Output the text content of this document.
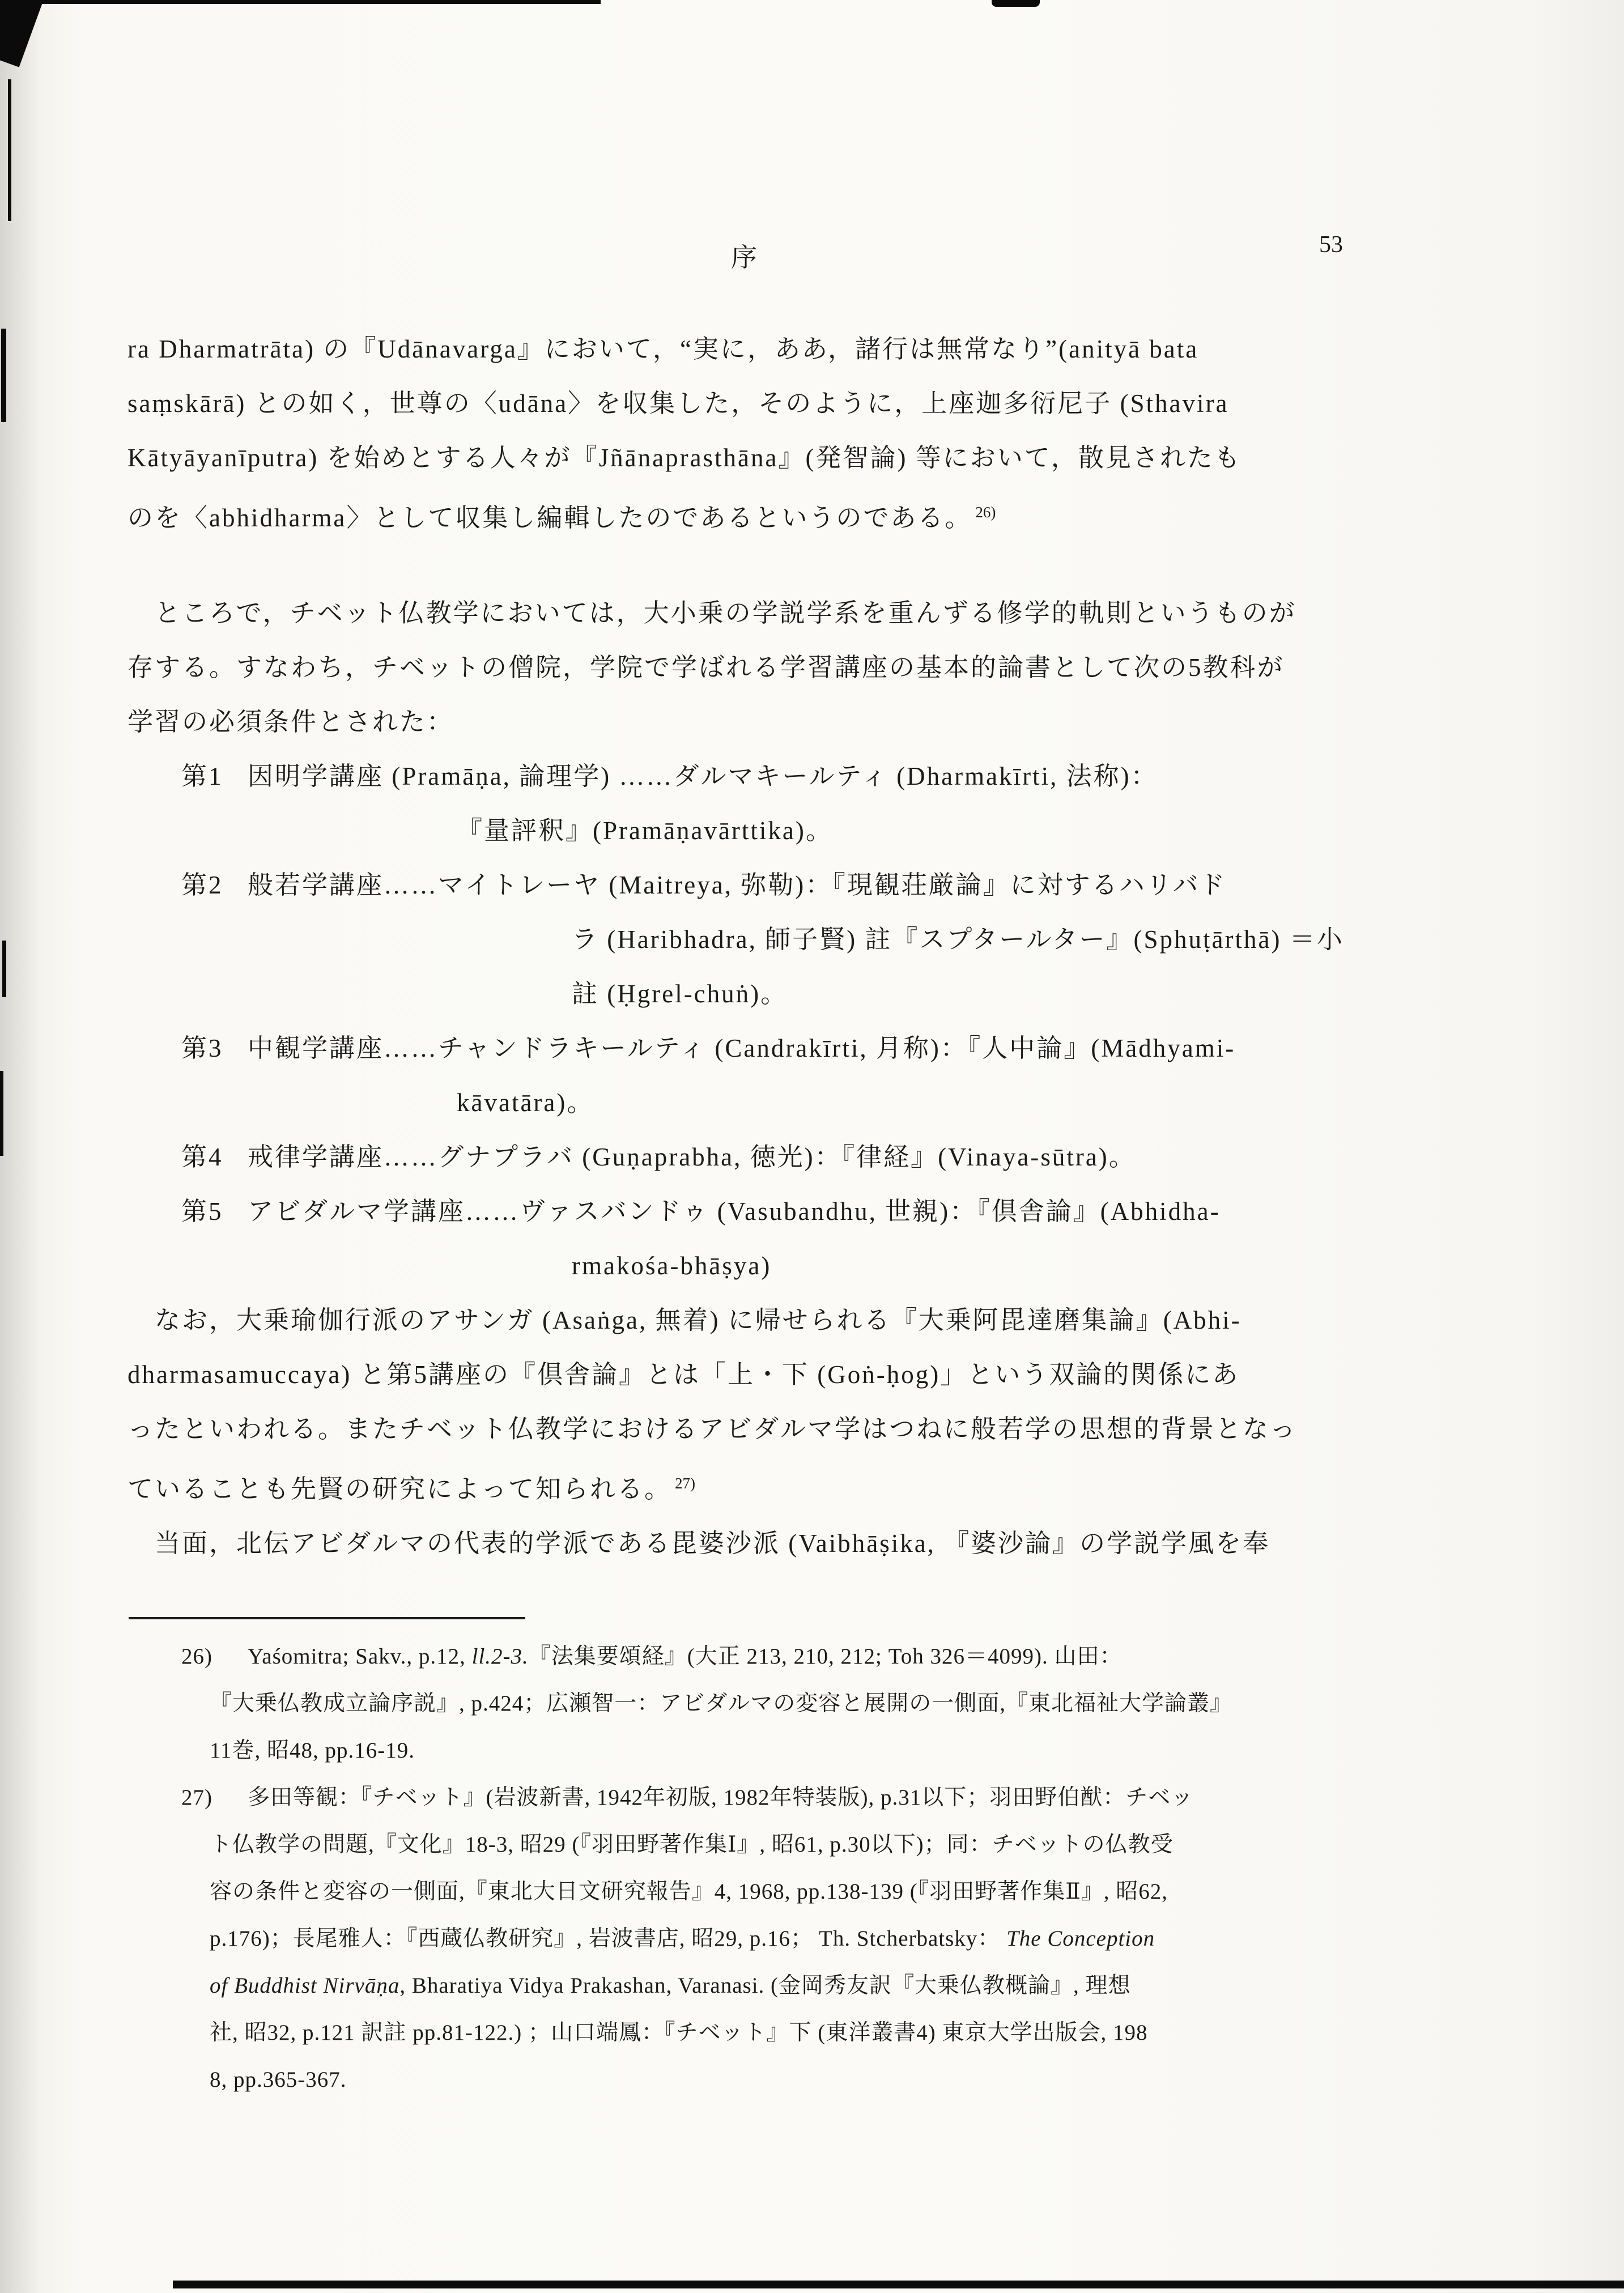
序	53
ra Dharmatrāta) の『Udānavarga』において，“実に，ああ，諸行は無常なり”(anityā bata
saṃskārā) との如く，世尊の〈udāna〉を収集した，そのように，上座迦多衍尼子 (Sthavira
Kātyāyanīputra) を始めとする人々が『Jñānaprasthāna』(発智論) 等において，散見されたも
のを〈abhidharma〉として収集し編輯したのであるというのである。 $^{26)}$
　ところで，チベット仏教学においては，大小乗の学説学系を重んずる修学的軌則というものが
存する。すなわち，チベットの僧院，学院で学ばれる学習講座の基本的論書として次の5教科が
学習の必須条件とされた：
第1 因明学講座 (Pramāṇa, 論理学) ……ダルマキールティ (Dharmakīrti, 法称)：
『量評釈』(Pramāṇavārttika)。
第2 般若学講座……マイトレーヤ (Maitreya, 弥勒)：『現観荘厳論』に対するハリバド
ラ (Haribhadra, 師子賢) 註『スプタールター』(Sphuṭārthā) ＝小
註 (Ḥgrel-chuṅ)。
第3 中観学講座……チャンドラキールティ (Candrakīrti, 月称)：『人中論』(Mādhyami-
kāvatāra)。
第4 戒律学講座……グナプラバ (Guṇaprabha, 徳光)：『律経』(Vinaya-sūtra)。
第5 アビダルマ学講座……ヴァスバンドゥ (Vasubandhu, 世親)：『倶舎論』(Abhidha-
rmakośa-bhāṣya)
　なお，大乗瑜伽行派のアサンガ (Asaṅga, 無着) に帰せられる『大乗阿毘達磨集論』(Abhi-
dharmasamuccaya) と第5講座の『倶舎論』とは「上・下 (Goṅ-ḥog)」という双論的関係にあ
ったといわれる。またチベット仏教学におけるアビダルマ学はつねに般若学の思想的背景となっ
ていることも先賢の研究によって知られる。 $^{27)}$
　当面，北伝アビダルマの代表的学派である毘婆沙派 (Vaibhāṣika, 『婆沙論』の学説学風を奉
26) Yaśomitra; Sakv., p.12, ll.2-3.『法集要頌経』(大正 213, 210, 212; Toh 326＝4099). 山田：
『大乗仏教成立論序説』, p.424；広瀬智一：アビダルマの変容と展開の一側面,『東北福祉大学論叢』
11巻, 昭48, pp.16-19.
27) 多田等観：『チベット』(岩波新書, 1942年初版, 1982年特装版), p.31以下；羽田野伯猷：チベッ
ト仏教学の問題,『文化』18-3, 昭29 (『羽田野著作集Ⅰ』, 昭61, p.30以下)；同：チベットの仏教受
容の条件と変容の一側面,『東北大日文研究報告』4, 1968, pp.138-139 (『羽田野著作集Ⅱ』, 昭62,
p.176)；長尾雅人：『西蔵仏教研究』, 岩波書店, 昭29, p.16； Th. Stcherbatsky： The Conception
of Buddhist Nirvāṇa, Bharatiya Vidya Prakashan, Varanasi. (金岡秀友訳『大乗仏教概論』, 理想
社, 昭32, p.121 訳註 pp.81-122.) ；山口端鳳：『チベット』下 (東洋叢書4) 東京大学出版会, 198
8, pp.365-367.
